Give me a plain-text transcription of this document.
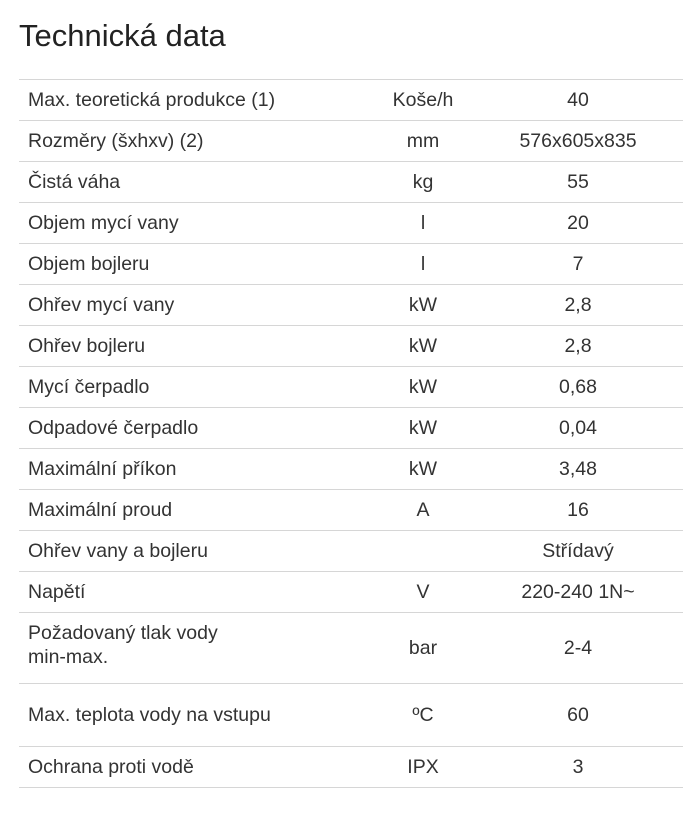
Technická data
Max. teoretická produkce (1)	Koše/h	40
Rozměry (šxhxv) (2)	mm	576x605x835
Čistá váha	kg	55
Objem mycí vany	l	20
Objem bojleru	l	7
Ohřev mycí vany	kW	2,8
Ohřev bojleru	kW	2,8
Mycí čerpadlo	kW	0,68
Odpadové čerpadlo	kW	0,04
Maximální příkon	kW	3,48
Maximální proud	A	16
Ohřev vany a bojleru		Střídavý
Napětí	V	220-240 1N~
Požadovaný tlak vody
min-max.	bar	2-4
Max. teplota vody na vstupu	ºC	60
Ochrana proti vodě	IPX	3
